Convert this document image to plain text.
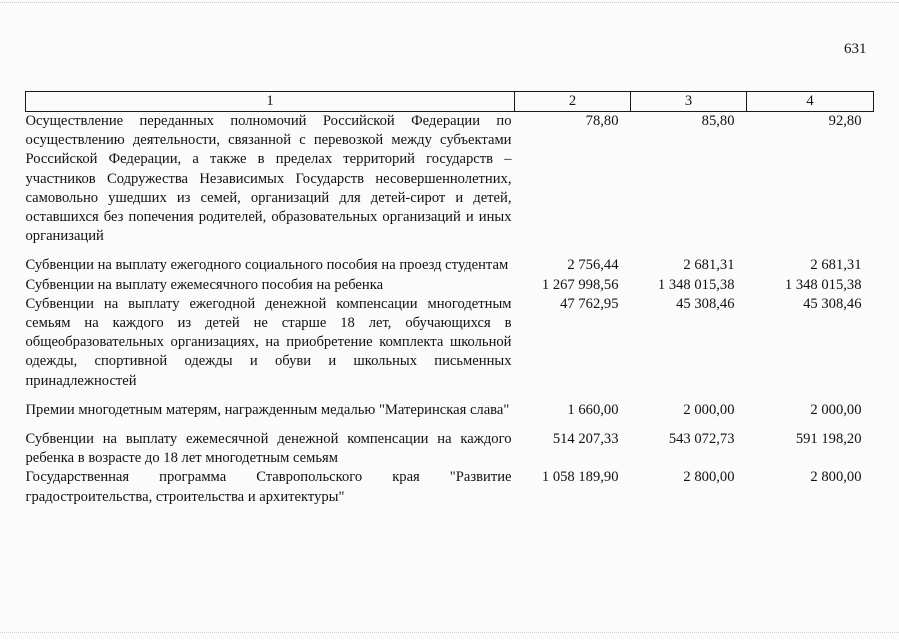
631
1	2	3	4
Осуществление переданных полномочий Российской Федерации по осуществлению деятельности, связанной с перевозкой между субъектами Российской Федерации, а также в пределах территорий государств – участников Содружества Независимых Государств несовершеннолетних, самовольно ушедших из семей, организаций для детей-сирот и детей, оставшихся без попечения родителей, образовательных организаций и иных организаций	78,80	85,80	92,80
Субвенции на выплату ежегодного социального пособия на проезд студентам	2 756,44	2 681,31	2 681,31
Субвенции на выплату ежемесячного пособия на ребенка	1 267 998,56	1 348 015,38	1 348 015,38
Субвенции на выплату ежегодной денежной компенсации многодетным семьям на каждого из детей не старше 18 лет, обучающихся в общеобразовательных организациях, на приобретение комплекта школьной одежды, спортивной одежды и обуви и школьных письменных принадлежностей	47 762,95	45 308,46	45 308,46
Премии многодетным матерям, награжденным медалью "Материнская слава"	1 660,00	2 000,00	2 000,00
Субвенции на выплату ежемесячной денежной компенсации на каждого ребенка в возрасте до 18 лет многодетным семьям	514 207,33	543 072,73	591 198,20
Государственная программа Ставропольского края "Развитие градостроительства, строительства и архитектуры"	1 058 189,90	2 800,00	2 800,00
